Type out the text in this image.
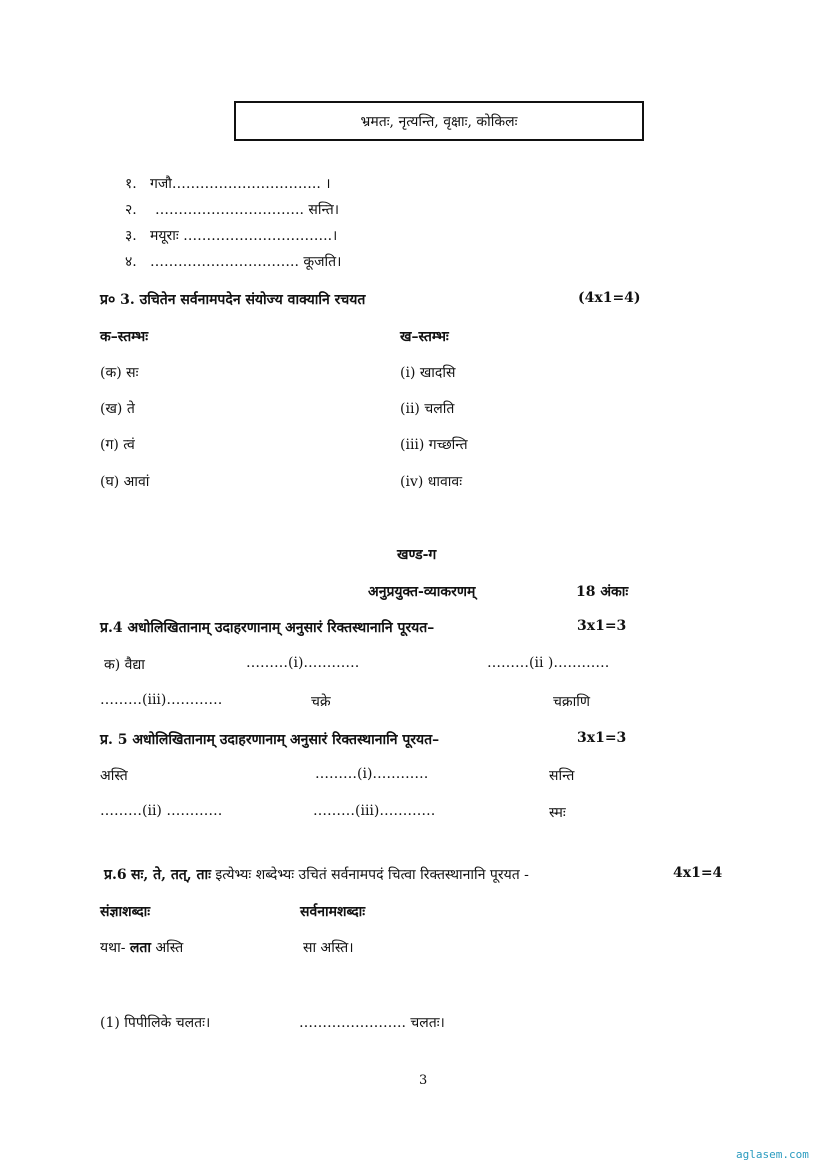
भ्रमतः, नृत्यन्ति, वृक्षाः, कोकिलः
१. गजौ………………………….. ।
२. ………………………….. सन्ति।
३. मयूराः …………………………..।
४. ………………………….. कूजति।
प्र० 3. उचितेन सर्वनामपदेन संयोज्य वाक्यानि रचयत	(4x1=4)
क–स्तम्भः	ख–स्तम्भः
(क) सः	(i) खादसि
(ख) ते	(ii) चलति
(ग) त्वं	(iii) गच्छन्ति
(घ) आवां	(iv) धावावः
खण्ड-ग
अनुप्रयुक्त-व्याकरणम्	18 अंकाः
प्र.4 अधोलिखितानाम् उदाहरणानाम् अनुसारं रिक्तस्थानानि पूरयत–	3x1=3
क) वैद्या	………(i)…………	………(ii )…………
………(iii)…………	चक्रे	चक्राणि
प्र. 5 अधोलिखितानाम् उदाहरणानाम् अनुसारं रिक्तस्थानानि पूरयत–	3x1=3
अस्ति	………(i)…………	सन्ति
………(ii) …………	………(iii)…………	स्मः
प्र.6 सः, ते, तत्, ताः इत्येभ्यः शब्देभ्यः उचितं सर्वनामपदं चित्वा रिक्तस्थानानि पूरयत -	4x1=4
संज्ञाशब्दाः	सर्वनामशब्दाः
यथा- लता अस्ति	सा अस्ति।
(1) पिपीलिके चलतः।	………………….. चलतः।
3
aglasem.com
